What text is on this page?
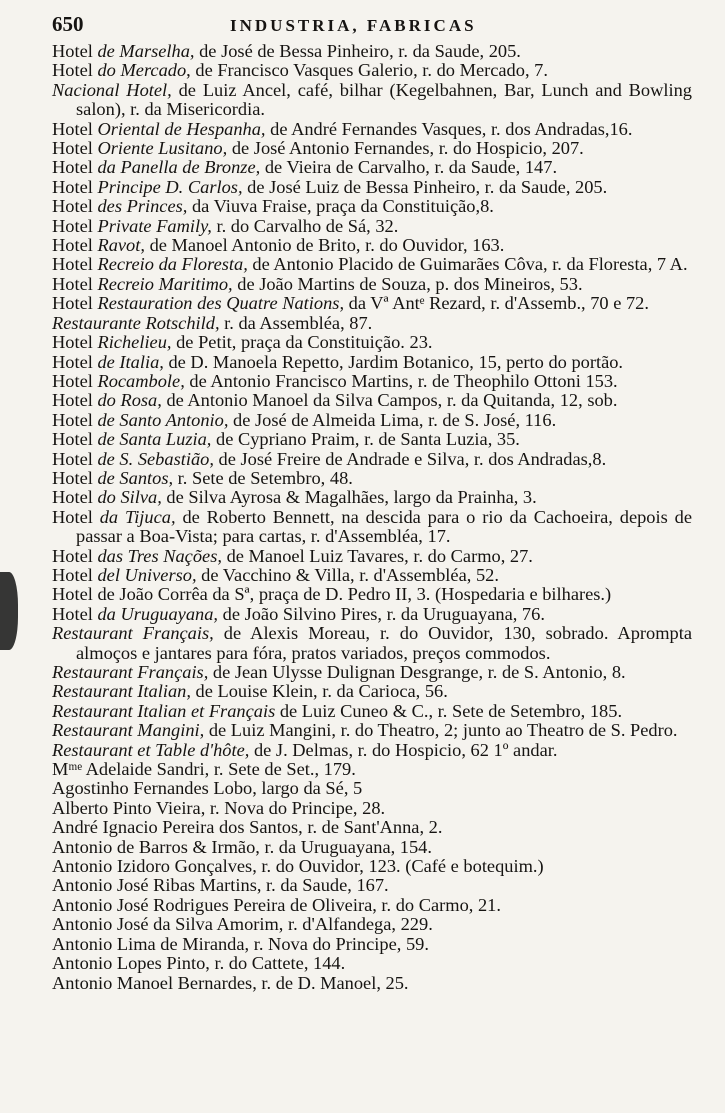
650	INDUSTRIA, FABRICAS
Hotel de Marselha, de José de Bessa Pinheiro, r. da Saude, 205.
Hotel do Mercado, de Francisco Vasques Galerio, r. do Mercado, 7.
Nacional Hotel, de Luiz Ancel, café, bilhar (Kegelbahnen, Bar, Lunch and Bowling salon), r. da Misericordia.
Hotel Oriental de Hespanha, de André Fernandes Vasques, r. dos Andradas,16.
Hotel Oriente Lusitano, de José Antonio Fernandes, r. do Hospicio, 207.
Hotel da Panella de Bronze, de Vieira de Carvalho, r. da Saude, 147.
Hotel Principe D. Carlos, de José Luiz de Bessa Pinheiro, r. da Saude, 205.
Hotel des Princes, da Viuva Fraise, praça da Constituição,8.
Hotel Private Family, r. do Carvalho de Sá, 32.
Hotel Ravot, de Manoel Antonio de Brito, r. do Ouvidor, 163.
Hotel Recreio da Floresta, de Antonio Placido de Guimarães Côva, r. da Floresta, 7 A.
Hotel Recreio Maritimo, de João Martins de Souza, p. dos Mineiros, 53.
Hotel Restauration des Quatre Nations, da Vª Antᵉ Rezard, r. d'Assemb., 70 e 72.
Restaurante Rotschild, r. da Assembléa, 87.
Hotel Richelieu, de Petit, praça da Constituição. 23.
Hotel de Italia, de D. Manoela Repetto, Jardim Botanico, 15, perto do portão.
Hotel Rocambole, de Antonio Francisco Martins, r. de Theophilo Ottoni 153.
Hotel do Rosa, de Antonio Manoel da Silva Campos, r. da Quitanda, 12, sob.
Hotel de Santo Antonio, de José de Almeida Lima, r. de S. José, 116.
Hotel de Santa Luzia, de Cypriano Praim, r. de Santa Luzia, 35.
Hotel de S. Sebastião, de José Freire de Andrade e Silva, r. dos Andradas,8.
Hotel de Santos, r. Sete de Setembro, 48.
Hotel do Silva, de Silva Ayrosa & Magalhães, largo da Prainha, 3.
Hotel da Tijuca, de Roberto Bennett, na descida para o rio da Cachoeira, depois de passar a Boa-Vista; para cartas, r. d'Assembléa, 17.
Hotel das Tres Nações, de Manoel Luiz Tavares, r. do Carmo, 27.
Hotel del Universo, de Vacchino & Villa, r. d'Assembléa, 52.
Hotel de João Corrêa da Sª, praça de D. Pedro II, 3. (Hospedaria e bilhares.)
Hotel da Uruguayana, de João Silvino Pires, r. da Uruguayana, 76.
Restaurant Français, de Alexis Moreau, r. do Ouvidor, 130, sobrado. Aprompta almoços e jantares para fóra, pratos variados, preços commodos.
Restaurant Français, de Jean Ulysse Dulignan Desgrange, r. de S. Antonio, 8.
Restaurant Italian, de Louise Klein, r. da Carioca, 56.
Restaurant Italian et Français de Luiz Cuneo & C., r. Sete de Setembro, 185.
Restaurant Mangini, de Luiz Mangini, r. do Theatro, 2; junto ao Theatro de S. Pedro.
Restaurant et Table d'hôte, de J. Delmas, r. do Hospicio, 62 1º andar.
Mᵐᵉ Adelaide Sandri, r. Sete de Set., 179.
Agostinho Fernandes Lobo, largo da Sé, 5
Alberto Pinto Vieira, r. Nova do Principe, 28.
André Ignacio Pereira dos Santos, r. de Sant'Anna, 2.
Antonio de Barros & Irmão, r. da Uruguayana, 154.
Antonio Izidoro Gonçalves, r. do Ouvidor, 123. (Café e botequim.)
Antonio José Ribas Martins, r. da Saude, 167.
Antonio José Rodrigues Pereira de Oliveira, r. do Carmo, 21.
Antonio José da Silva Amorim, r. d'Alfandega, 229.
Antonio Lima de Miranda, r. Nova do Principe, 59.
Antonio Lopes Pinto, r. do Cattete, 144.
Antonio Manoel Bernardes, r. de D. Manoel, 25.
